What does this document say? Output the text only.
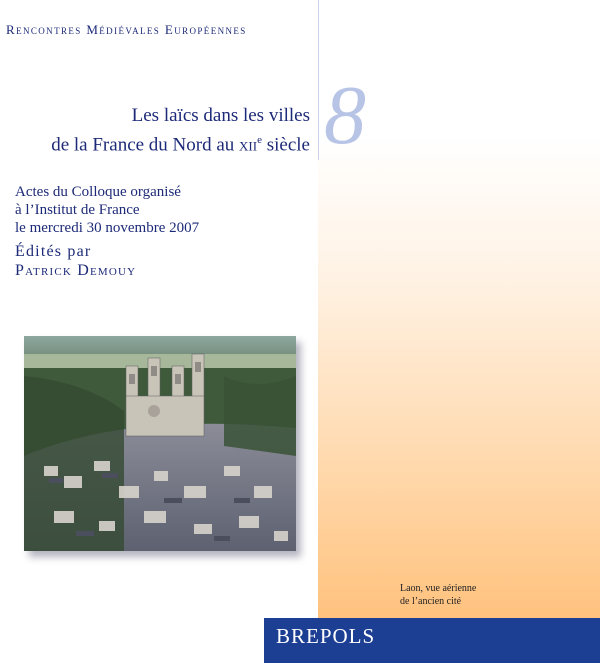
Rencontres Médiévales Européennes
Les laïcs dans les villes
de la France du Nord au xii$^e$ siècle 8
Actes du Colloque organisé
à l’Institut de France
le mercredi 30 novembre 2007
Édités par
Patrick Demouy
Laon, vue aérienne
de l’ancien cité
BREPOLS
